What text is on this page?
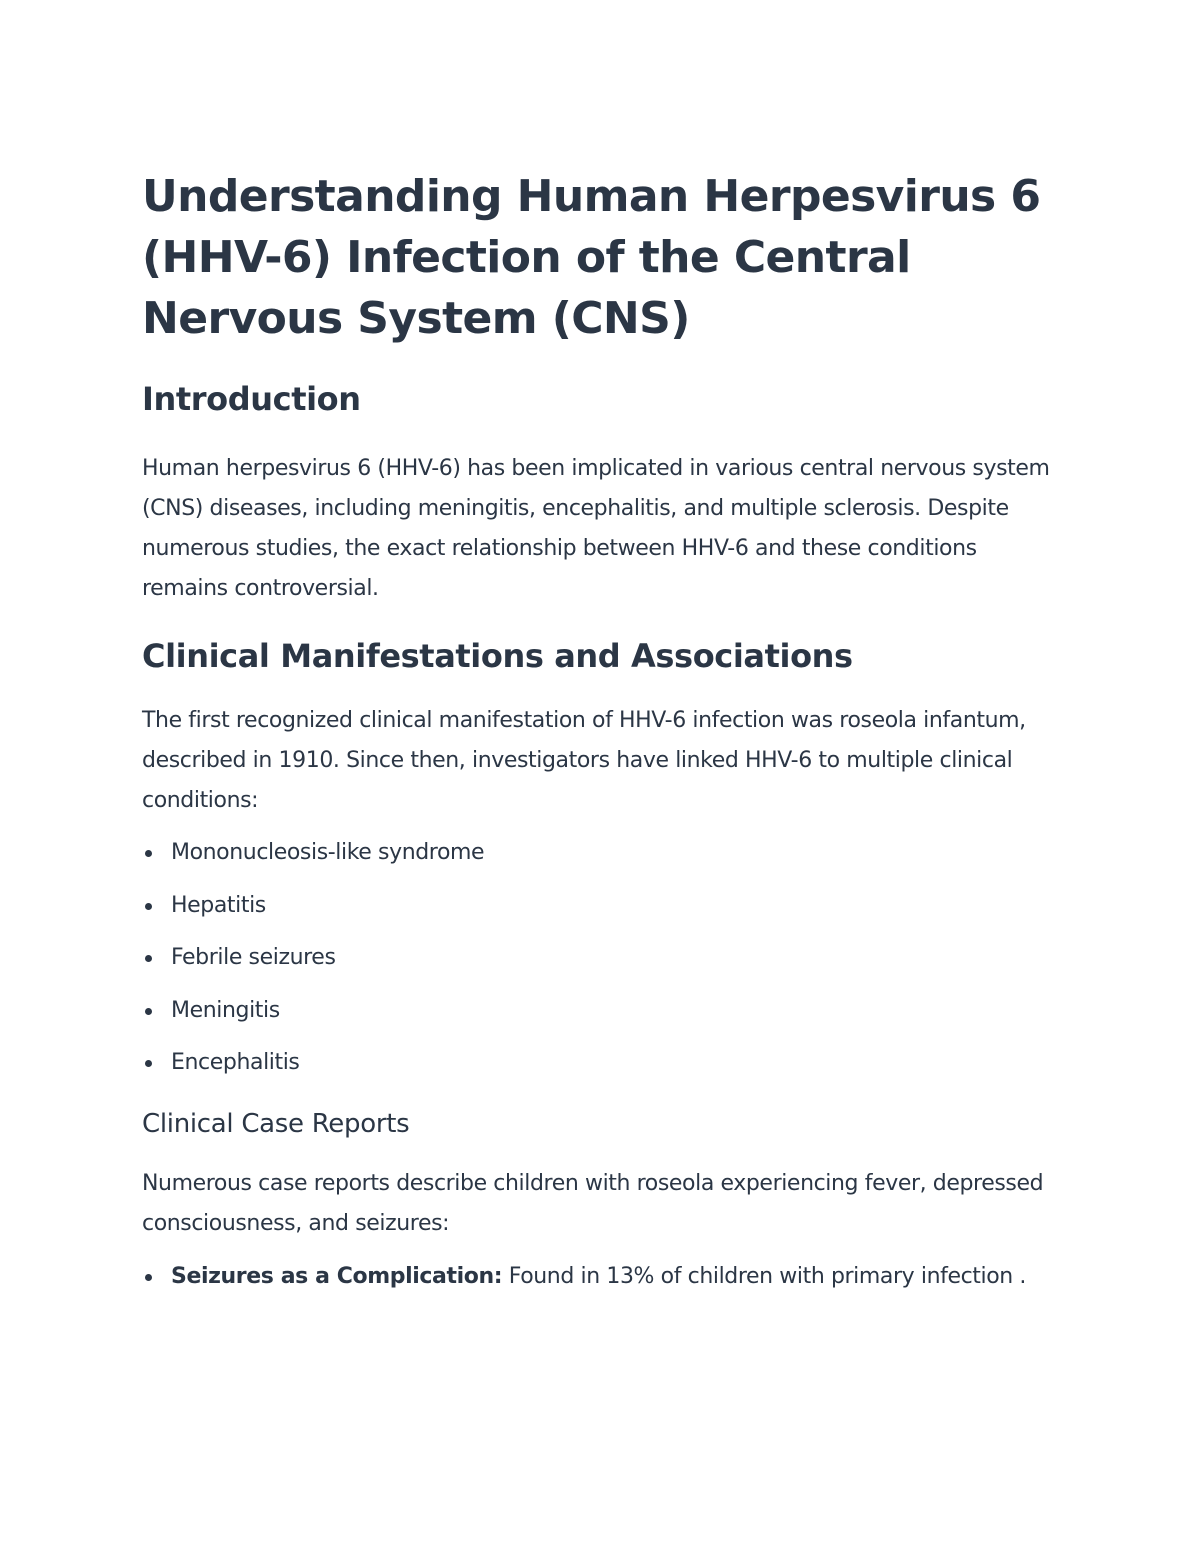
Understanding Human Herpesvirus 6 (HHV-6) Infection of the Central Nervous System (CNS)
Introduction

Human herpesvirus 6 (HHV-6) has been implicated in various central nervous system (CNS) diseases, including meningitis, encephalitis, and multiple sclerosis. Despite numerous studies, the exact relationship between HHV-6 and these conditions remains controversial.

Clinical Manifestations and Associations

The first recognized clinical manifestation of HHV-6 infection was roseola infantum, described in 1910. Since then, investigators have linked HHV-6 to multiple clinical conditions:

Mononucleosis-like syndrome
Hepatitis
Febrile seizures
Meningitis
Encephalitis
Clinical Case Reports

Numerous case reports describe children with roseola experiencing fever, depressed consciousness, and seizures:

Seizures as a Complication: Found in 13% of children with primary infection .
